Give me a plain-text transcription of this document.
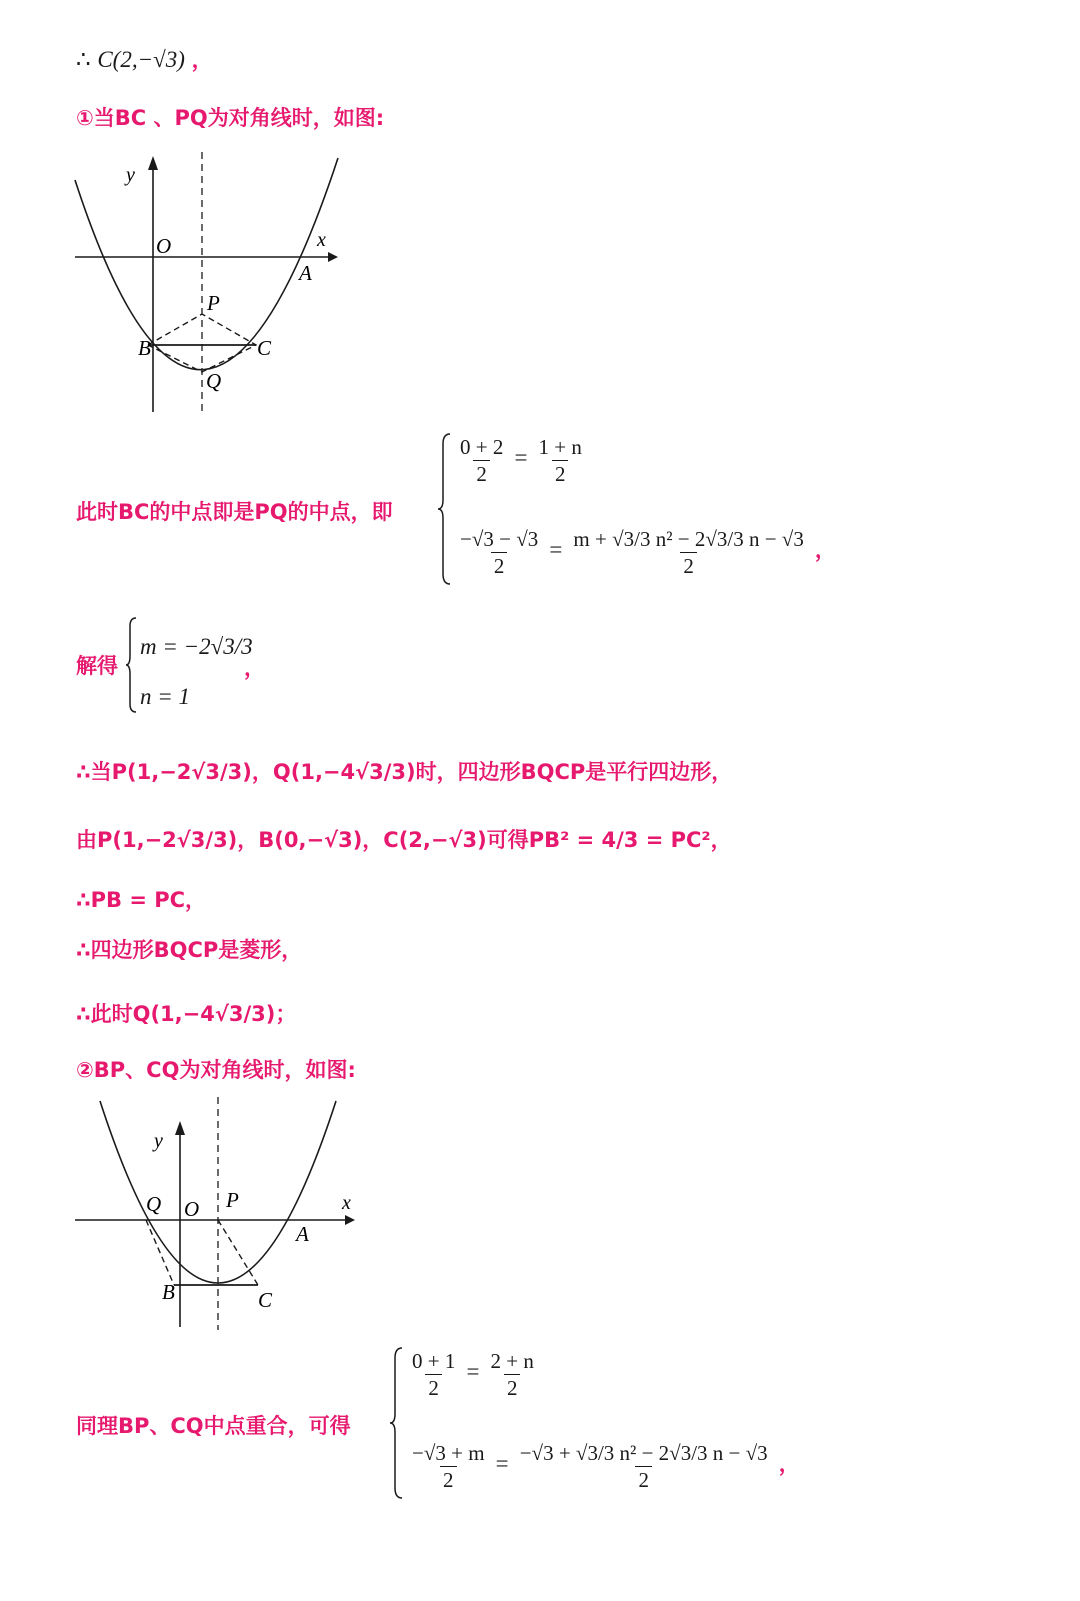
∴ C(2,−√3) ，
①当BC 、PQ为对角线时，如图:
y
x
O
A
B	C
P
Q
此时BC的中点即是PQ的中点，即
$\frac{0 + 2}{2} = \frac{1 + n}{2}$
$\frac{-√3 - √3}{2} = \frac{\text{m + √3/3 n² − 2√3/3 n − √3}}{2}$ ，
解得
m = −2√3/3
n = 1
，
∴当P(1,−2√3/3)，Q(1,−4√3/3)时，四边形BQCP是平行四边形，
由P(1,−2√3/3)，B(0,−√3)，C(2,−√3)可得PB² = 4/3 = PC²，
∴PB = PC，
∴四边形BQCP是菱形，
∴此时Q(1,−4√3/3)；
②BP、CQ为对角线时，如图:
y
x
O
A
B	C
P
Q
同理BP、CQ中点重合，可得
$\frac{0 + 1}{2} = \frac{2 + n}{2}$
$\frac{-√3 + m}{2} = \frac{\text{−√3 + √3/3 n² − 2√3/3 n − √3}}{2}$ ，
